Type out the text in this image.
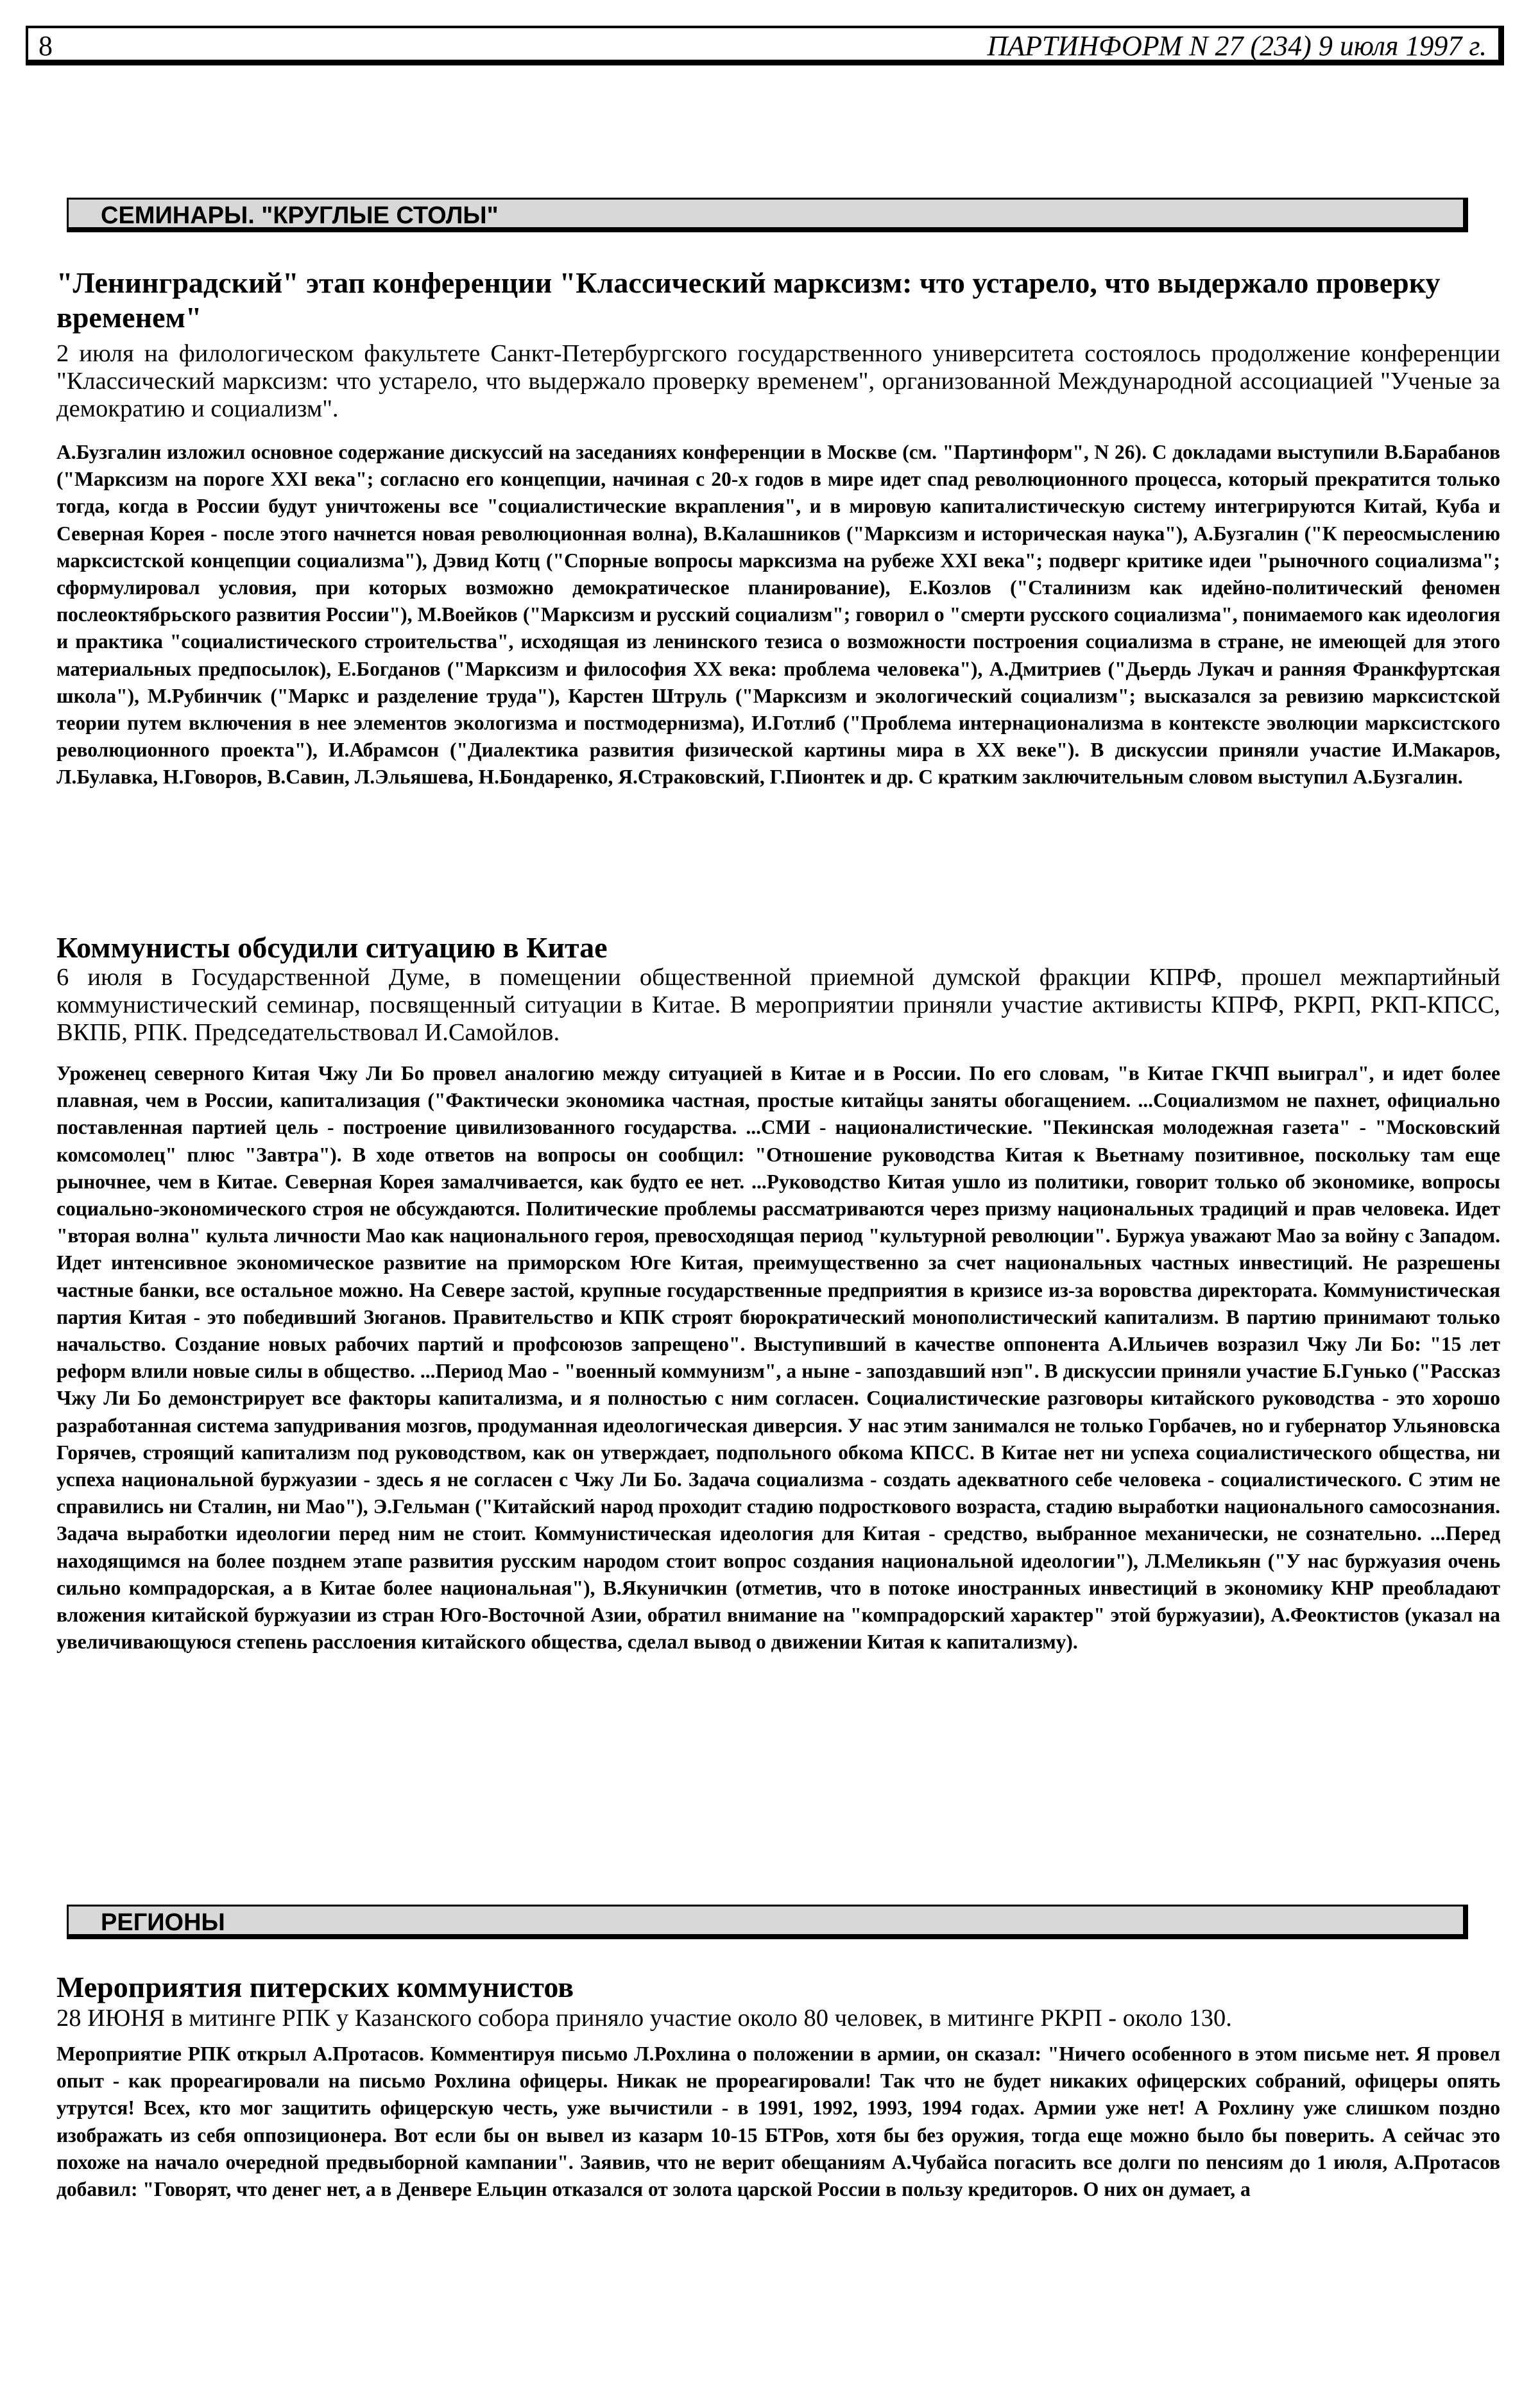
8	ПАРТИНФОРМ N 27 (234) 9 июля 1997 г.
СЕМИНАРЫ. "КРУГЛЫЕ СТОЛЫ"
"Ленинградский" этап конференции "Классический марксизм: что устарело, что выдержало проверку временем"

2 июля на филологическом факультете Санкт-Петербургского государственного университета состоялось продолжение конференции "Классический марксизм: что устарело, что выдержало проверку временем", организованной Международной ассоциацией "Ученые за демократию и социализм".

А.Бузгалин изложил основное содержание дискуссий на заседаниях конференции в Москве (см. "Партинформ", N 26). С докладами выступили В.Барабанов ("Марксизм на пороге XXI века"; согласно его концепции, начиная с 20-х годов в мире идет спад революционного процесса, который прекратится только тогда, когда в России будут уничтожены все "социалистические вкрапления", и в мировую капиталистическую систему интегрируются Китай, Куба и Северная Корея - после этого начнется новая революционная волна), В.Калашников ("Марксизм и историческая наука"), А.Бузгалин ("К переосмыслению марксистской концепции социализма"), Дэвид Котц ("Спорные вопросы марксизма на рубеже XXI века"; подверг критике идеи "рыночного социализма"; сформулировал условия, при которых возможно демократическое планирование), Е.Козлов ("Сталинизм как идейно-политический феномен послеоктябрьского развития России"), М.Воейков ("Марксизм и русский социализм"; говорил о "смерти русского социализма", понимаемого как идеология и практика "социалистического строительства", исходящая из ленинского тезиса о возможности построения социализма в стране, не имеющей для этого материальных предпосылок), Е.Богданов ("Марксизм и философия XX века: проблема человека"), А.Дмитриев ("Дьердь Лукач и ранняя Франкфуртская школа"), М.Рубинчик ("Маркс и разделение труда"), Карстен Штруль ("Марксизм и экологический социализм"; высказался за ревизию марксистской теории путем включения в нее элементов экологизма и постмодернизма), И.Готлиб ("Проблема интернационализма в контексте эволюции марксистского революционного проекта"), И.Абрамсон ("Диалектика развития физической картины мира в XX веке"). В дискуссии приняли участие И.Макаров, Л.Булавка, Н.Говоров, В.Савин, Л.Эльяшева, Н.Бондаренко, Я.Страковский, Г.Пионтек и др. С кратким заключительным словом выступил А.Бузгалин.

Коммунисты обсудили ситуацию в Китае

6 июля в Государственной Думе, в помещении общественной приемной думской фракции КПРФ, прошел межпартийный коммунистический семинар, посвященный ситуации в Китае. В мероприятии приняли участие активисты КПРФ, РКРП, РКП-КПСС, ВКПБ, РПК. Председательствовал И.Самойлов.

Уроженец северного Китая Чжу Ли Бо провел аналогию между ситуацией в Китае и в России. По его словам, "в Китае ГКЧП выиграл", и идет более плавная, чем в России, капитализация ("Фактически экономика частная, простые китайцы заняты обогащением. ...Социализмом не пахнет, официально поставленная партией цель - построение цивилизованного государства. ...СМИ - националистические. "Пекинская молодежная газета" - "Московский комсомолец" плюс "Завтра"). В ходе ответов на вопросы он сообщил: "Отношение руководства Китая к Вьетнаму позитивное, поскольку там еще рыночнее, чем в Китае. Северная Корея замалчивается, как будто ее нет. ...Руководство Китая ушло из политики, говорит только об экономике, вопросы социально-экономического строя не обсуждаются. Политические проблемы рассматриваются через призму национальных традиций и прав человека. Идет "вторая волна" культа личности Мао как национального героя, превосходящая период "культурной революции". Буржуа уважают Мао за войну с Западом. Идет интенсивное экономическое развитие на приморском Юге Китая, преимущественно за счет национальных частных инвестиций. Не разрешены частные банки, все остальное можно. На Севере застой, крупные государственные предприятия в кризисе из-за воровства директората. Коммунистическая партия Китая - это победивший Зюганов. Правительство и КПК строят бюрократический монополистический капитализм. В партию принимают только начальство. Создание новых рабочих партий и профсоюзов запрещено". Выступивший в качестве оппонента А.Ильичев возразил Чжу Ли Бо: "15 лет реформ влили новые силы в общество. ...Период Мао - "военный коммунизм", а ныне - запоздавший нэп". В дискуссии приняли участие Б.Гунько ("Рассказ Чжу Ли Бо демонстрирует все факторы капитализма, и я полностью с ним согласен. Социалистические разговоры китайского руководства - это хорошо разработанная система запудривания мозгов, продуманная идеологическая диверсия. У нас этим занимался не только Горбачев, но и губернатор Ульяновска Горячев, строящий капитализм под руководством, как он утверждает, подпольного обкома КПСС. В Китае нет ни успеха социалистического общества, ни успеха национальной буржуазии - здесь я не согласен с Чжу Ли Бо. Задача социализма - создать адекватного себе человека - социалистического. С этим не справились ни Сталин, ни Мао"), Э.Гельман ("Китайский народ проходит стадию подросткового возраста, стадию выработки национального самосознания. Задача выработки идеологии перед ним не стоит. Коммунистическая идеология для Китая - средство, выбранное механически, не сознательно. ...Перед находящимся на более позднем этапе развития русским народом стоит вопрос создания национальной идеологии"), Л.Меликьян ("У нас буржуазия очень сильно компрадорская, а в Китае более национальная"), В.Якуничкин (отметив, что в потоке иностранных инвестиций в экономику КНР преобладают вложения китайской буржуазии из стран Юго-Восточной Азии, обратил внимание на "компрадорский характер" этой буржуазии), А.Феоктистов (указал на увеличивающуюся степень расслоения китайского общества, сделал вывод о движении Китая к капитализму).

РЕГИОНЫ
Мероприятия питерских коммунистов

28 ИЮНЯ в митинге РПК у Казанского собора приняло участие около 80 человек, в митинге РКРП - около 130.

Мероприятие РПК открыл А.Протасов. Комментируя письмо Л.Рохлина о положении в армии, он сказал: "Ничего особенного в этом письме нет. Я провел опыт - как прореагировали на письмо Рохлина офицеры. Никак не прореагировали! Так что не будет никаких офицерских собраний, офицеры опять утрутся! Всех, кто мог защитить офицерскую честь, уже вычистили - в 1991, 1992, 1993, 1994 годах. Армии уже нет! А Рохлину уже слишком поздно изображать из себя оппозиционера. Вот если бы он вывел из казарм 10-15 БТРов, хотя бы без оружия, тогда еще можно было бы поверить. А сейчас это похоже на начало очередной предвыборной кампании". Заявив, что не верит обещаниям А.Чубайса погасить все долги по пенсиям до 1 июля, А.Протасов добавил: "Говорят, что денег нет, а в Денвере Ельцин отказался от золота царской России в пользу кредиторов. О них он думает, а
